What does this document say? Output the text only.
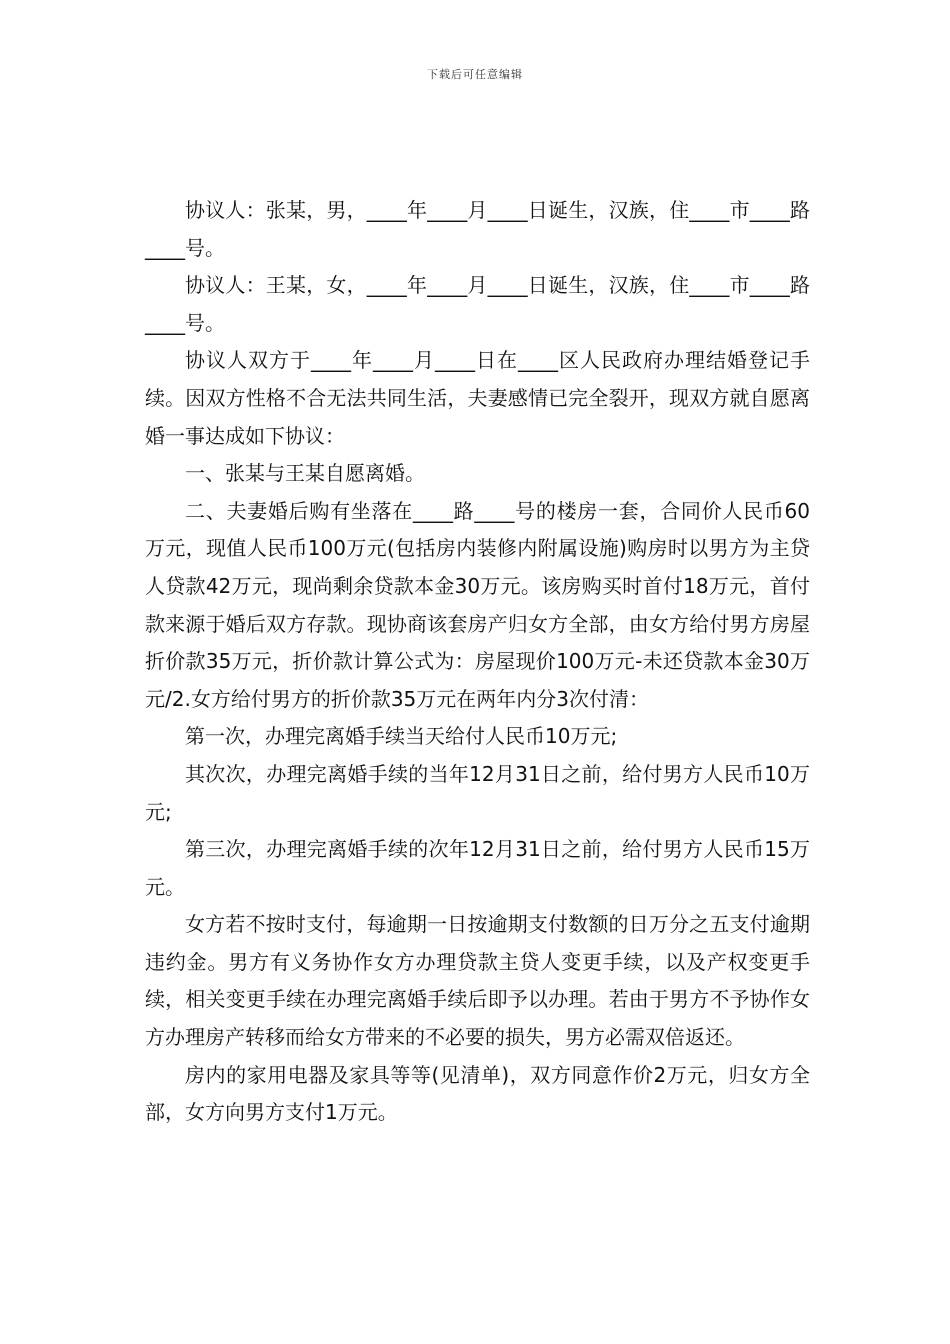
下载后可任意编辑

协议人：张某，男，____年____月____日诞生，汉族，住____市____路____号。

协议人：王某，女，____年____月____日诞生，汉族，住____市____路____号。

协议人双方于____年____月____日在____区人民政府办理结婚登记手续。因双方性格不合无法共同生活，夫妻感情已完全裂开，现双方就自愿离婚一事达成如下协议：

一、张某与王某自愿离婚。

二、夫妻婚后购有坐落在____路____号的楼房一套，合同价人民币60万元，现值人民币100万元(包括房内装修内附属设施)购房时以男方为主贷人贷款42万元，现尚剩余贷款本金30万元。该房购买时首付18万元，首付款来源于婚后双方存款。现协商该套房产归女方全部，由女方给付男方房屋折价款35万元，折价款计算公式为：房屋现价100万元-未还贷款本金30万元/2.女方给付男方的折价款35万元在两年内分3次付清：

第一次，办理完离婚手续当天给付人民币10万元;

其次次，办理完离婚手续的当年12月31日之前，给付男方人民币10万元;

第三次，办理完离婚手续的次年12月31日之前，给付男方人民币15万元。

女方若不按时支付，每逾期一日按逾期支付数额的日万分之五支付逾期违约金。男方有义务协作女方办理贷款主贷人变更手续，以及产权变更手续，相关变更手续在办理完离婚手续后即予以办理。若由于男方不予协作女方办理房产转移而给女方带来的不必要的损失，男方必需双倍返还。

房内的家用电器及家具等等(见清单)，双方同意作价2万元，归女方全部，女方向男方支付1万元。
